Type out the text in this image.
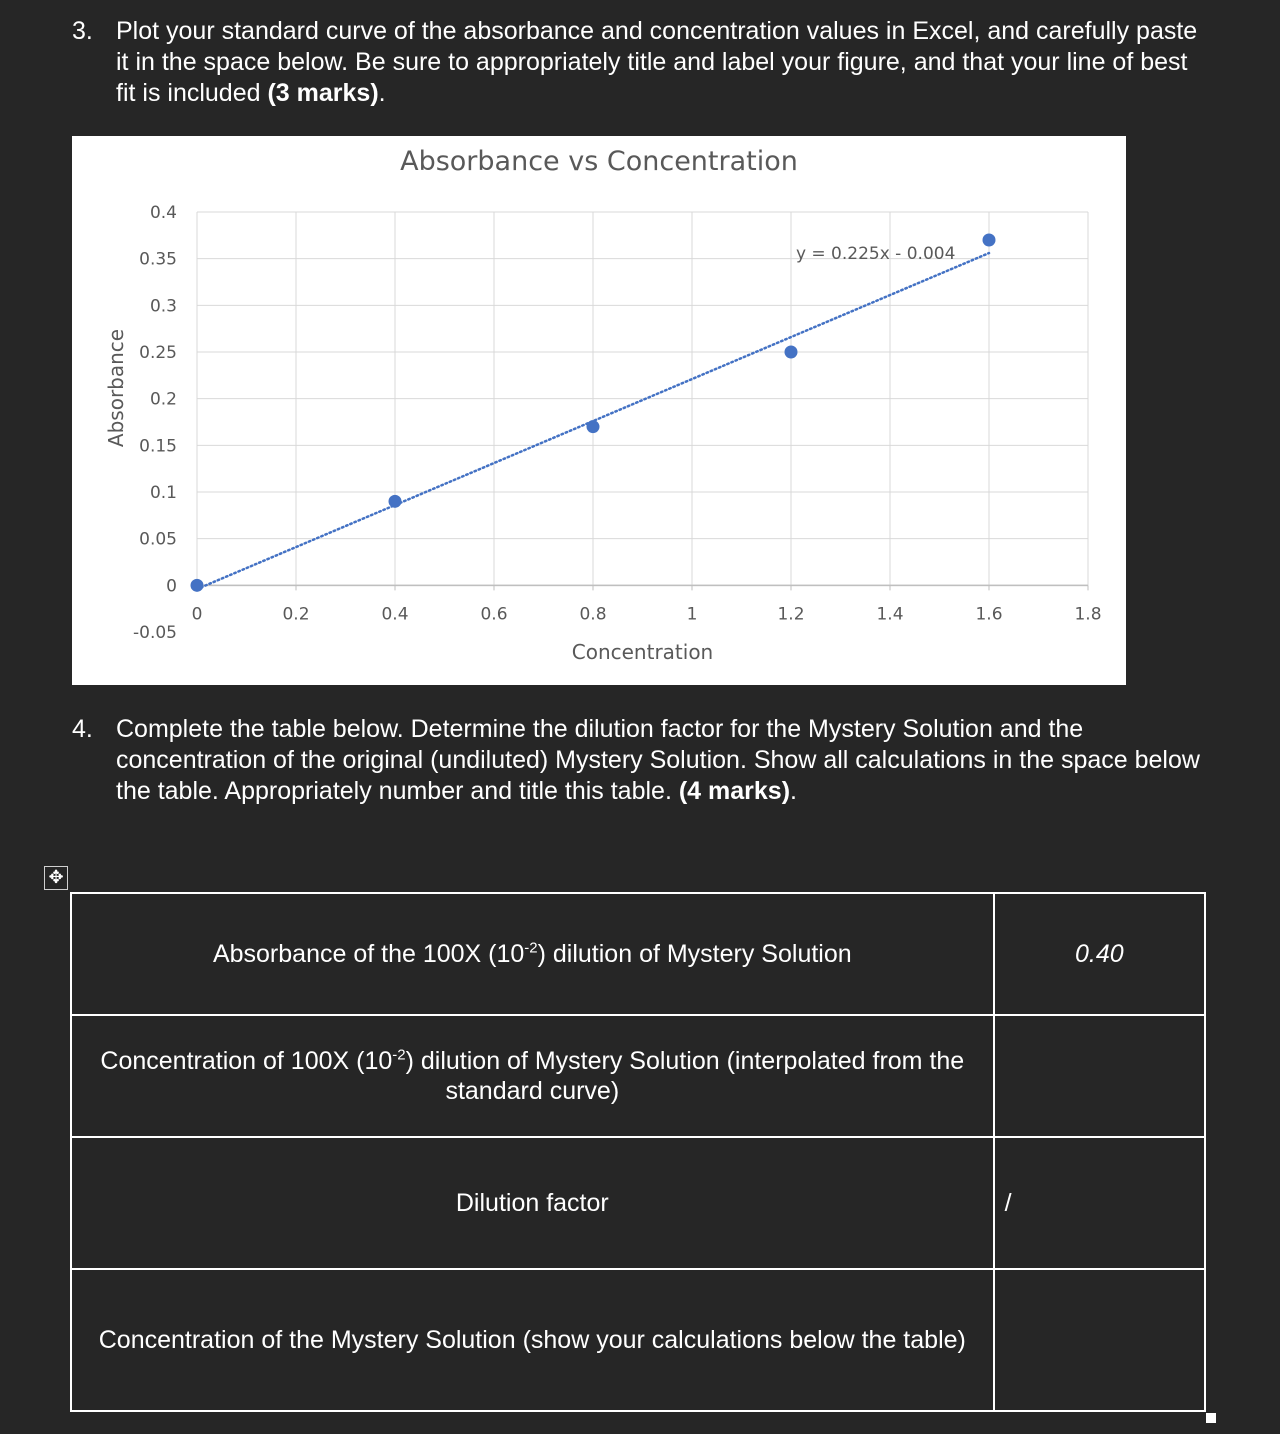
3. Plot your standard curve of the absorbance and concentration values in Excel, and carefully paste it in the space below. Be sure to appropriately title and label your figure, and that your line of best fit is included (3 marks).
Absorbance vs Concentration
-0.05
0
0.05
0.1
0.15
0.2
0.25
0.3
0.35
0.4
0	0.2	0.4	0.6	0.8	1	1.2	1.4	1.6	1.8
Concentration
Absorbance
y = 0.225x - 0.004
4. Complete the table below. Determine the dilution factor for the Mystery Solution and the concentration of the original (undiluted) Mystery Solution. Show all calculations in the space below the table. Appropriately number and title this table. (4 marks).
✥
Absorbance of the 100X $(10^{-2})$ dilution of Mystery Solution	0.40
Concentration of 100X $(10^{-2})$ dilution of Mystery Solution (interpolated from the standard curve)	
Dilution factor	/
Concentration of the Mystery Solution (show your calculations below the table)	
